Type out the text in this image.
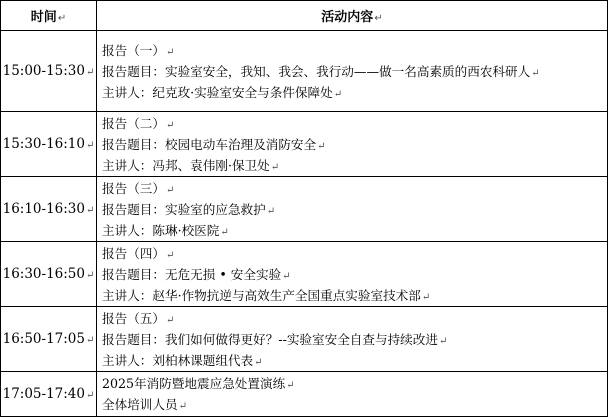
时间↵	活动内容↵
15:00-15:30↵	报告（一）↵
报告题目：实验室安全，我知、我会、我行动——做一名高素质的西农科研人↵
主讲人：纪克玫·实验室安全与条件保障处↵

15:30-16:10↵	报告（二）↵
报告题目：校园电动车治理及消防安全↵
主讲人：冯邦、袁伟刚·保卫处↵

16:10-16:30↵	报告（三）↵
报告题目：实验室的应急救护↵
主讲人：陈琳·校医院↵

16:30-16:50↵	报告（四）↵
报告题目：无危无损 • 安全实验↵
主讲人：赵华·作物抗逆与高效生产全国重点实验室技术部↵

16:50-17:05↵	报告（五）↵
报告题目：我们如何做得更好？--实验室安全自查与持续改进↵
主讲人：刘柏林课题组代表↵

17:05-17:40↵	2025年消防暨地震应急处置演练↵
全体培训人员↵
